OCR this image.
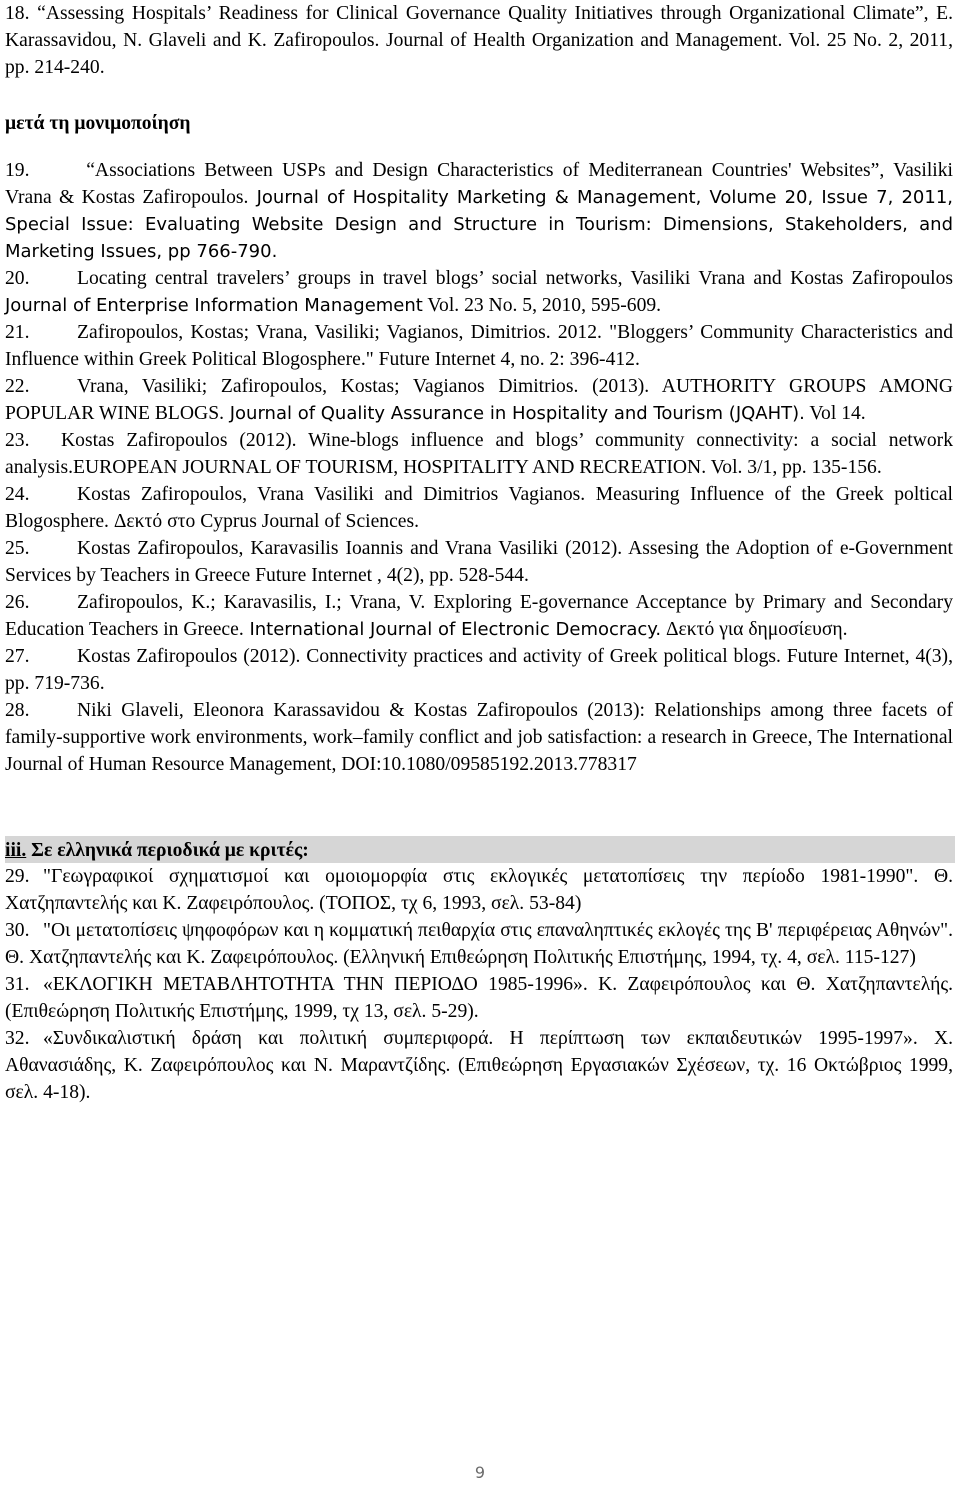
18. “Assessing Hospitals’ Readiness for Clinical Governance Quality Initiatives through Organizational Climate”, E. Karassavidou, N. Glaveli and K. Zafiropoulos. Journal of Health Organization and Management. Vol. 25 No. 2, 2011, pp. 214-240.

μετά τη μονιμοποίηση

19. “Associations Between USPs and Design Characteristics of Mediterranean Countries' Websites”, Vasiliki Vrana & Kostas Zafiropoulos. Journal of Hospitality Marketing & Management, Volume 20, Issue 7, 2011, Special Issue: Evaluating Website Design and Structure in Tourism: Dimensions, Stakeholders, and Marketing Issues, pp 766-790.

20. Locating central travelers’ groups in travel blogs’ social networks, Vasiliki Vrana and Kostas Zafiropoulos Journal of Enterprise Information Management Vol. 23 No. 5, 2010, 595-609.

21. Zafiropoulos, Kostas; Vrana, Vasiliki; Vagianos, Dimitrios. 2012. "Bloggers’ Community Characteristics and Influence within Greek Political Blogosphere." Future Internet 4, no. 2: 396-412.

22. Vrana, Vasiliki; Zafiropoulos, Kostas; Vagianos Dimitrios. (2013). AUTHORITY GROUPS AMONG POPULAR WINE BLOGS. Journal of Quality Assurance in Hospitality and Tourism (JQAHT). Vol 14.

23. Kostas Zafiropoulos (2012). Wine-blogs influence and blogs’ community connectivity: a social network analysis.EUROPEAN JOURNAL OF TOURISM, HOSPITALITY AND RECREATION. Vol. 3/1, pp. 135-156.

24. Kostas Zafiropoulos, Vrana Vasiliki and Dimitrios Vagianos. Measuring Influence of the Greek poltical Blogosphere. Δεκτό στο Cyprus Journal of Sciences.

25. Kostas Zafiropoulos, Karavasilis Ioannis and Vrana Vasiliki (2012). Assesing the Adoption of e-Government Services by Teachers in Greece Future Internet , 4(2), pp. 528-544.

26. Zafiropoulos, K.; Karavasilis, I.; Vrana, V. Exploring E-governance Acceptance by Primary and Secondary Education Teachers in Greece. International Journal of Electronic Democracy. Δεκτό για δημοσίευση.

27. Kostas Zafiropoulos (2012). Connectivity practices and activity of Greek political blogs. Future Internet, 4(3), pp. 719-736.

28. Niki Glaveli, Eleonora Karassavidou & Kostas Zafiropoulos (2013): Relationships among three facets of family-supportive work environments, work–family conflict and job satisfaction: a research in Greece, The International Journal of Human Resource Management, DOI:10.1080/09585192.2013.778317

iii. Σε ελληνικά περιοδικά με κριτές:

29. "Γεωγραφικοί σχηματισμοί και ομοιομορφία στις εκλογικές μετατοπίσεις την περίοδο 1981-1990". Θ. Χατζηπαντελής και Κ. Ζαφειρόπουλος. (ΤΟΠΟΣ, τχ 6, 1993, σελ. 53-84)

30. "Οι μετατοπίσεις ψηφοφόρων και η κομματική πειθαρχία στις επαναληπτικές εκλογές της Β' περιφέρειας Αθηνών". Θ. Χατζηπαντελής και Κ. Ζαφειρόπουλος. (Ελληνική Επιθεώρηση Πολιτικής Επιστήμης, 1994, τχ. 4, σελ. 115-127)

31. «ΕΚΛΟΓΙΚΗ ΜΕΤΑΒΛΗΤΟΤΗΤΑ ΤΗΝ ΠΕΡΙΟΔΟ 1985-1996». Κ. Ζαφειρόπουλος και Θ. Χατζηπαντελής. (Επιθεώρηση Πολιτικής Επιστήμης, 1999, τχ 13, σελ. 5-29).

32. «Συνδικαλιστική δράση και πολιτική συμπεριφορά. Η περίπτωση των εκπαιδευτικών 1995-1997». Χ. Αθανασιάδης, Κ. Ζαφειρόπουλος και Ν. Μαραντζίδης. (Επιθεώρηση Εργασιακών Σχέσεων, τχ. 16 Οκτώβριος 1999, σελ. 4-18).

9
